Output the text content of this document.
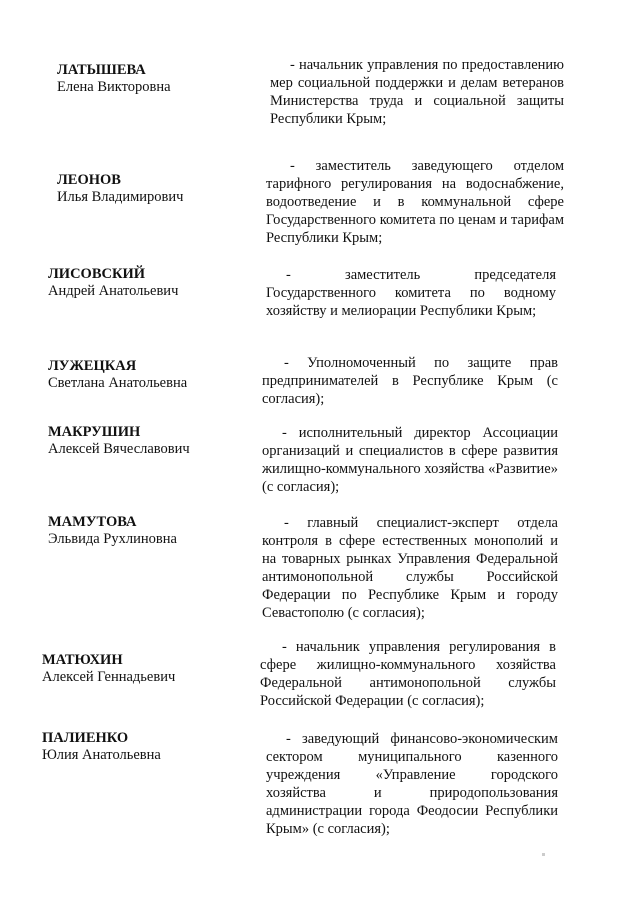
ЛАТЫШЕВА
Елена Викторовна

- начальник управления по предоставлению мер социальной поддержки и делам ветеранов Министерства труда и социальной защиты Республики Крым;

ЛЕОНОВ
Илья Владимирович

- заместитель заведующего отделом тарифного регулирования на водоснабжение, водоотведение и в коммунальной сфере Государственного комитета по ценам и тарифам Республики Крым;

ЛИСОВСКИЙ
Андрей Анатольевич

- заместитель председателя Государственного комитета по водному хозяйству и мелиорации Республики Крым;

ЛУЖЕЦКАЯ
Светлана Анатольевна

- Уполномоченный по защите прав предпринимателей в Республике Крым (с согласия);

МАКРУШИН
Алексей Вячеславович

- исполнительный директор Ассоциации организаций и специалистов в сфере развития жилищно-коммунального хозяйства «Развитие» (с согласия);

МАМУТОВА
Эльвида Рухлиновна

- главный специалист-эксперт отдела контроля в сфере естественных монополий и на товарных рынках Управления Федеральной антимонопольной службы Российской Федерации по Республике Крым и городу Севастополю (с согласия);

МАТЮХИН
Алексей Геннадьевич

- начальник управления регулирования в сфере жилищно-коммунального хозяйства Федеральной антимонопольной службы Российской Федерации (с согласия);

ПАЛИЕНКО
Юлия Анатольевна

- заведующий финансово-экономическим сектором муниципального казенного учреждения «Управление городского хозяйства и природопользования администрации города Феодосии Республики Крым» (с согласия);
